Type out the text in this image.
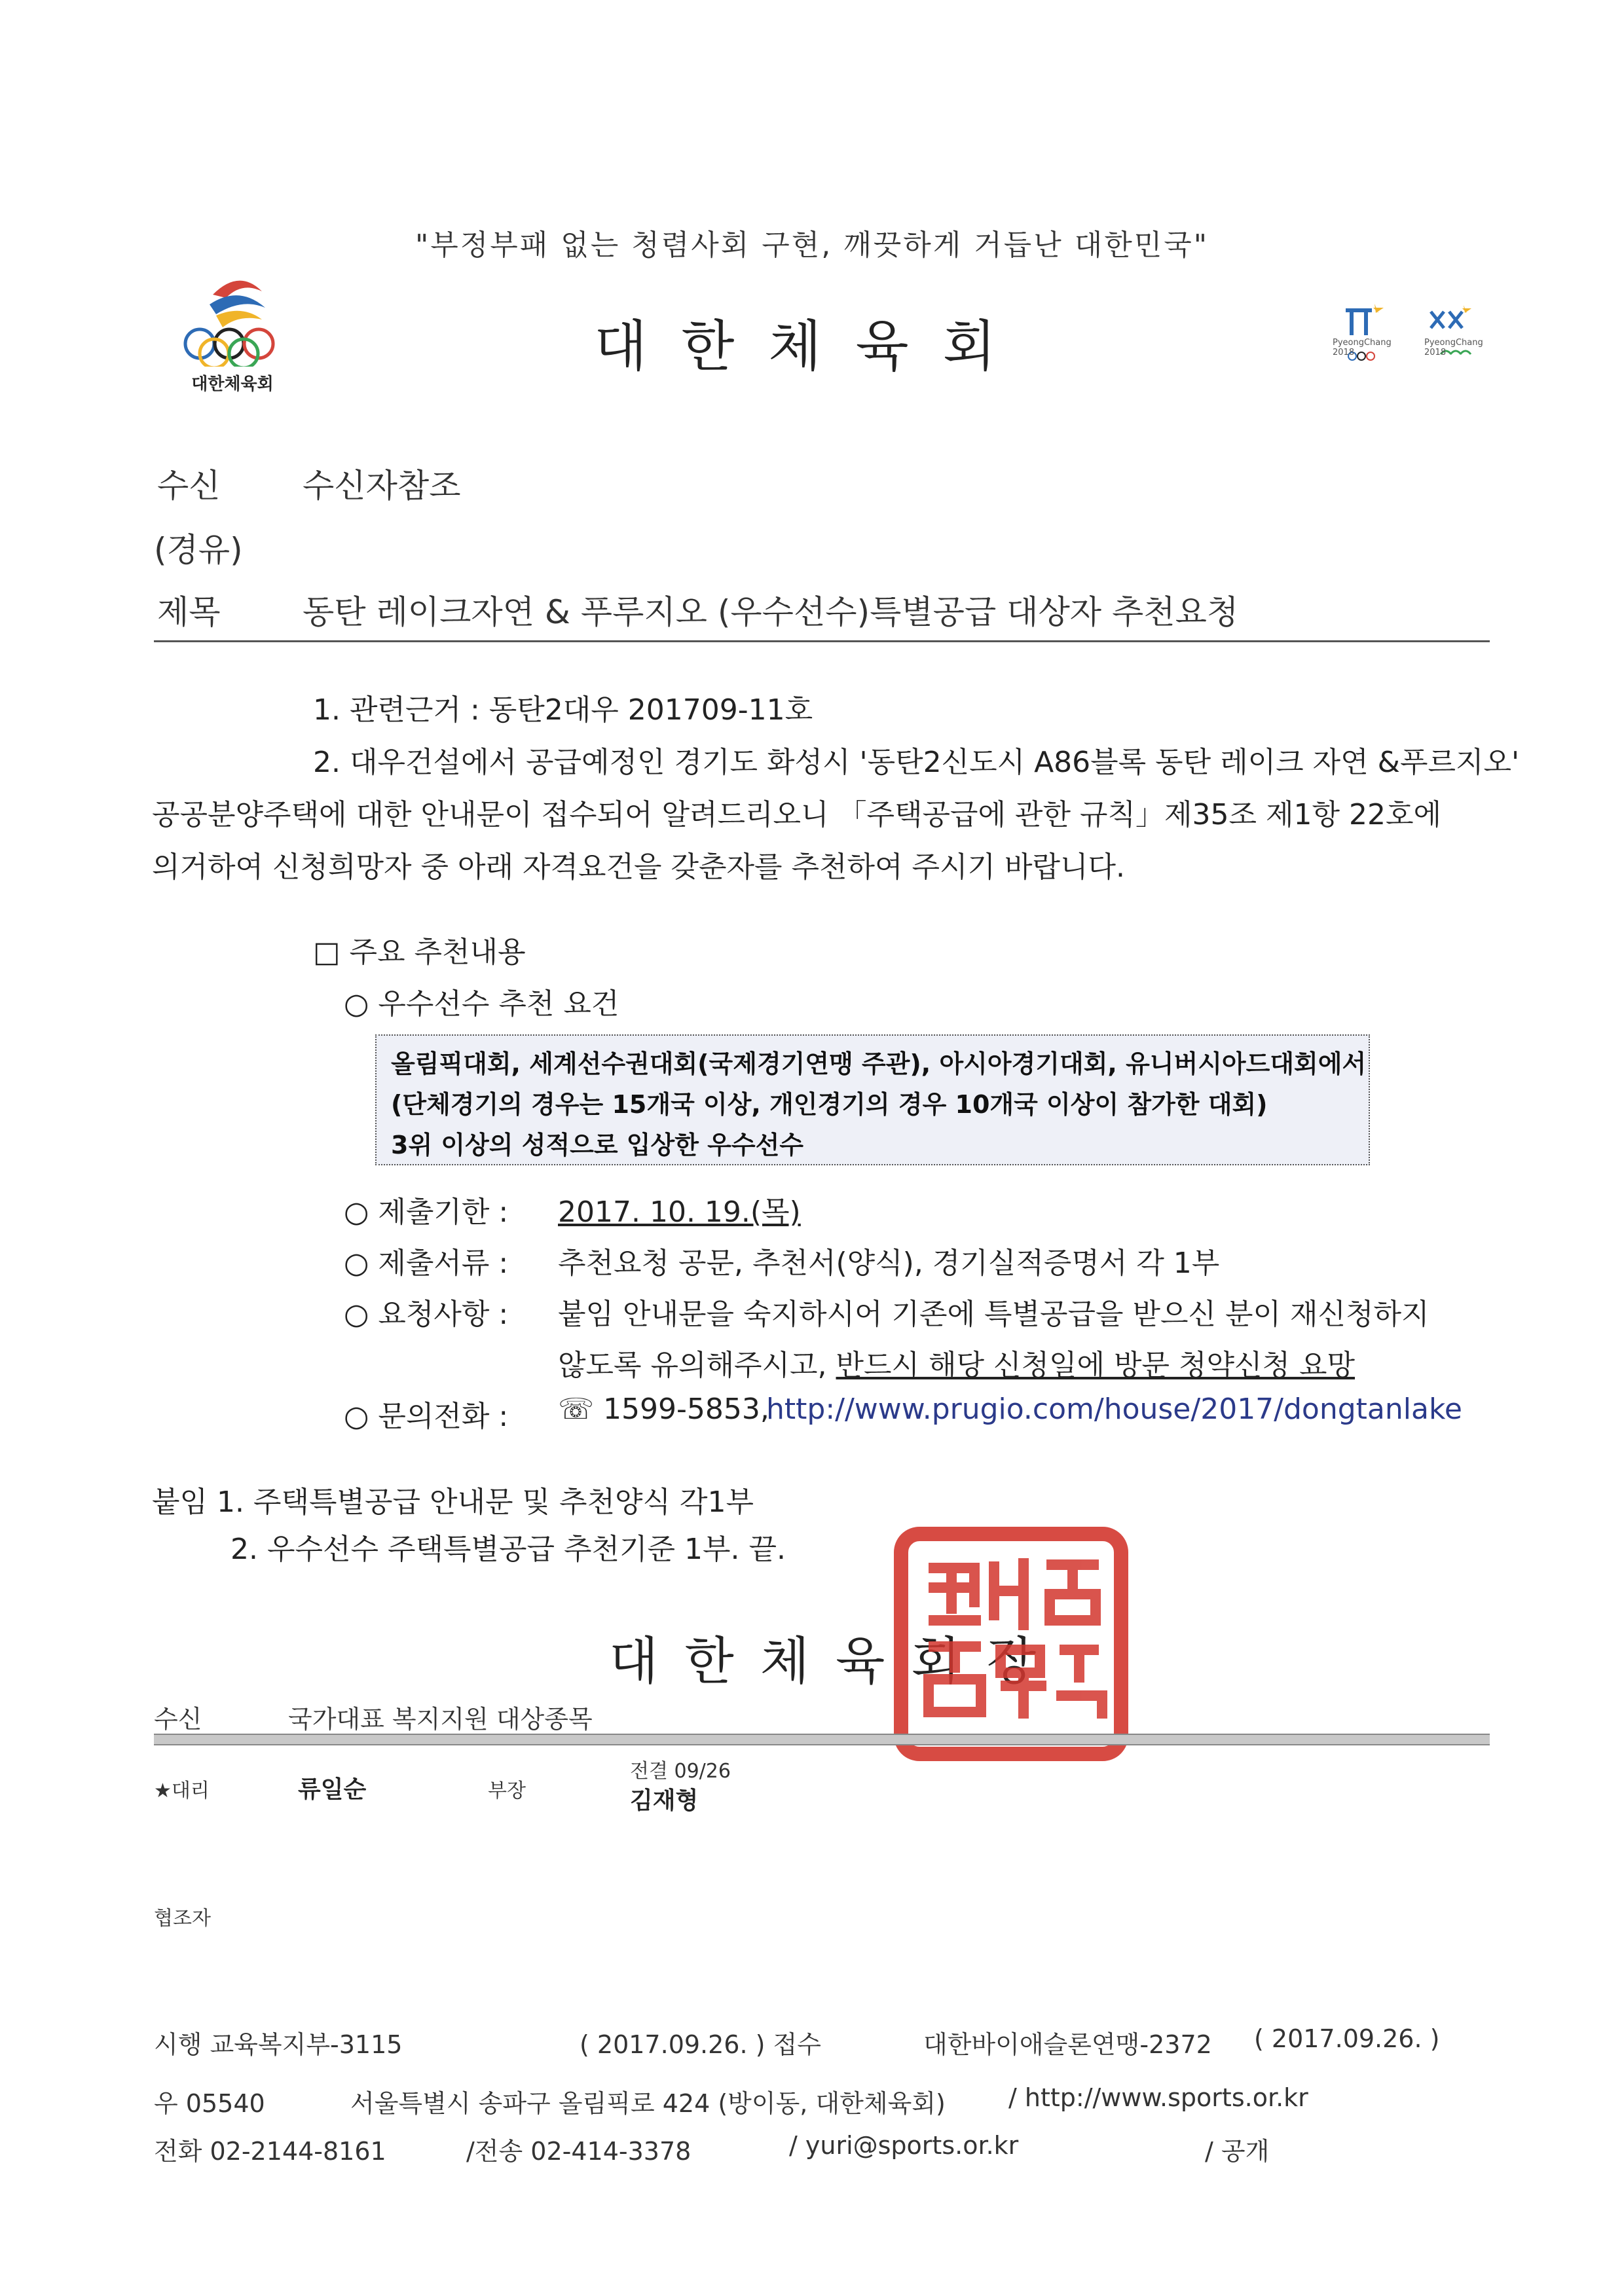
"부정부패 없는 청렴사회 구현, 깨끗하게 거듭난 대한민국"
대한체육회
대한체육회	PyeongChang 2018
PyeongChang 2018
수신	수신자참조
(경유)
제목	동탄 레이크자연 & 푸루지오 (우수선수)특별공급 대상자 추천요청
1. 관련근거 : 동탄2대우 201709-11호
2. 대우건설에서 공급예정인 경기도 화성시 '동탄2신도시 A86블록 동탄 레이크 자연 &푸르지오'
공공분양주택에 대한 안내문이 접수되어 알려드리오니 「주택공급에 관한 규칙」제35조 제1항 22호에
의거하여 신청희망자 중 아래 자격요건을 갖춘자를 추천하여 주시기 바랍니다.
□ 주요 추천내용
○ 우수선수 추천 요건
올림픽대회, 세계선수권대회(국제경기연맹 주관), 아시아경기대회, 유니버시아드대회에서
(단체경기의 경우는 15개국 이상, 개인경기의 경우 10개국 이상이 참가한 대회)
3위 이상의 성적으로 입상한 우수선수
○ 제출기한 : 2017. 10. 19.(목)
○ 제출서류 : 추천요청 공문, 추천서(양식), 경기실적증명서 각 1부
○ 요청사항 : 붙임 안내문을 숙지하시어 기존에 특별공급을 받으신 분이 재신청하지
않도록 유의해주시고, 반드시 해당 신청일에 방문 청약신청 요망
○ 문의전화 : ☏ 1599-5853,
http://www.prugio.com/house/2017/dongtanlake
붙임 1. 주택특별공급 안내문 및 추천양식 각1부
2. 우수선수 주택특별공급 추천기준 1부. 끝.
대한체육회장
수신	국가대표 복지지원 대상종목
★대리	류일순	부장
전결 09/26
김재형
협조자
시행 교육복지부-3115	( 2017.09.26. ) 접수	대한바이애슬론연맹-2372 ( 2017.09.26. )
우 05540	서울특별시 송파구 올림픽로 424 (방이동, 대한체육회)	/ http://www.sports.or.kr
전화 02-2144-8161	/전송 02-414-3378	/ yuri@sports.or.kr	/ 공개
